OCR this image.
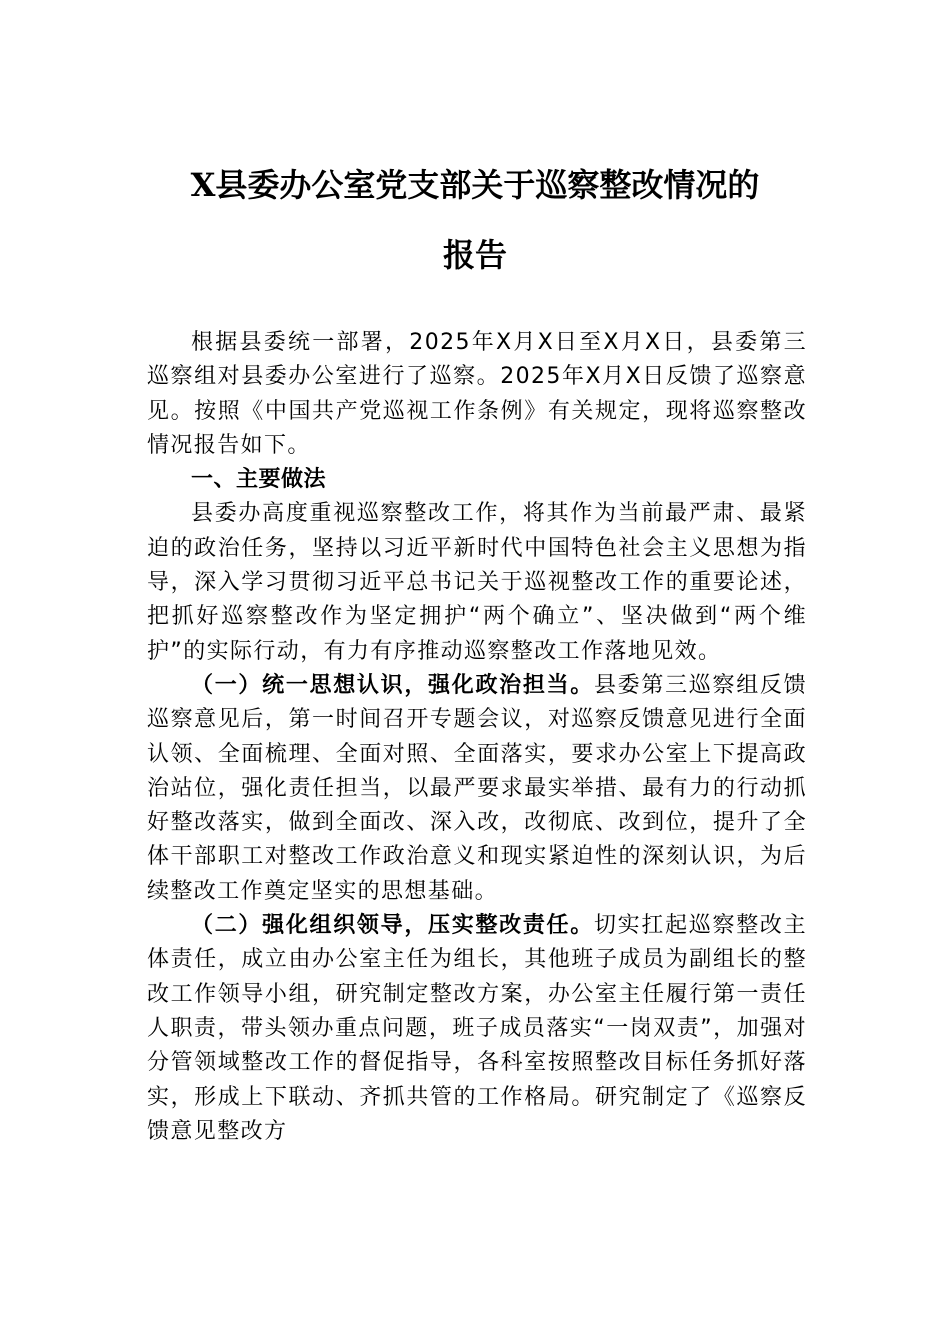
X县委办公室党支部关于巡察整改情况的
报告

根据县委统一部署，2025年X月X日至X月X日，县委第三巡察组对县委办公室进行了巡察。2025年X月X日反馈了巡察意见。按照《中国共产党巡视工作条例》有关规定，现将巡察整改情况报告如下。

一、主要做法

县委办高度重视巡察整改工作，将其作为当前最严肃、最紧迫的政治任务，坚持以习近平新时代中国特色社会主义思想为指导，深入学习贯彻习近平总书记关于巡视整改工作的重要论述，把抓好巡察整改作为坚定拥护“两个确立”、坚决做到“两个维护”的实际行动，有力有序推动巡察整改工作落地见效。

（一）统一思想认识，强化政治担当。县委第三巡察组反馈巡察意见后，第一时间召开专题会议，对巡察反馈意见进行全面认领、全面梳理、全面对照、全面落实，要求办公室上下提高政治站位，强化责任担当，以最严要求最实举措、最有力的行动抓好整改落实，做到全面改、深入改，改彻底、改到位，提升了全体干部职工对整改工作政治意义和现实紧迫性的深刻认识，为后续整改工作奠定坚实的思想基础。

（二）强化组织领导，压实整改责任。切实扛起巡察整改主体责任，成立由办公室主任为组长，其他班子成员为副组长的整改工作领导小组，研究制定整改方案，办公室主任履行第一责任人职责，带头领办重点问题，班子成员落实“一岗双责”，加强对分管领域整改工作的督促指导，各科室按照整改目标任务抓好落实，形成上下联动、齐抓共管的工作格局。研究制定了《巡察反馈意见整改方
